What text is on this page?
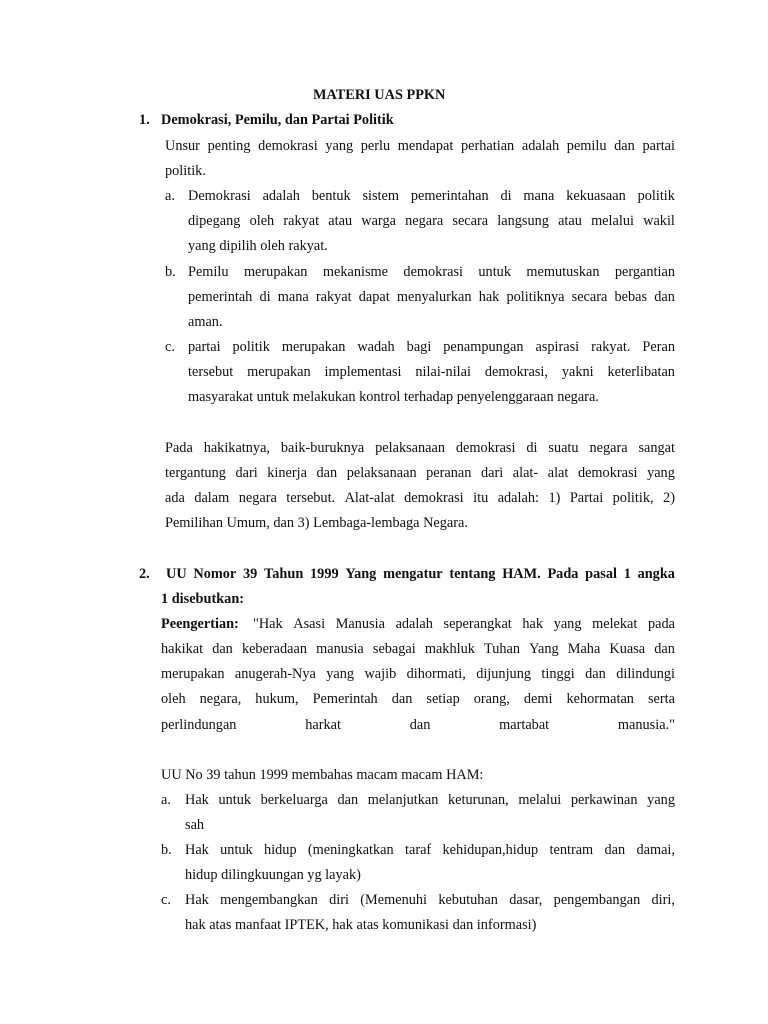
MATERI UAS PPKN
1. Demokrasi, Pemilu, dan Partai Politik
Unsur penting demokrasi yang perlu mendapat perhatian adalah pemilu dan partai
politik.
a. Demokrasi adalah bentuk sistem pemerintahan di mana kekuasaan politik
dipegang oleh rakyat atau warga negara secara langsung atau melalui wakil
yang dipilih oleh rakyat.
b. Pemilu merupakan mekanisme demokrasi untuk memutuskan pergantian
pemerintah di mana rakyat dapat menyalurkan hak politiknya secara bebas dan
aman.
c. partai politik merupakan wadah bagi penampungan aspirasi rakyat. Peran
tersebut merupakan implementasi nilai-nilai demokrasi, yakni keterlibatan
masyarakat untuk melakukan kontrol terhadap penyelenggaraan negara.
Pada hakikatnya, baik-buruknya pelaksanaan demokrasi di suatu negara sangat
tergantung dari kinerja dan pelaksanaan peranan dari alat- alat demokrasi yang
ada dalam negara tersebut. Alat-alat demokrasi itu adalah: 1) Partai politik, 2)
Pemilihan Umum, dan 3) Lembaga-lembaga Negara.
2. UU Nomor 39 Tahun 1999 Yang mengatur tentang HAM. Pada pasal 1 angka
1 disebutkan:
Peengertian: "Hak Asasi Manusia adalah seperangkat hak yang melekat pada
hakikat dan keberadaan manusia sebagai makhluk Tuhan Yang Maha Kuasa dan
merupakan anugerah-Nya yang wajib dihormati, dijunjung tinggi dan dilindungi
oleh negara, hukum, Pemerintah dan setiap orang, demi kehormatan serta
perlindungan	harkat	dan	martabat	manusia."
UU No 39 tahun 1999 membahas macam macam HAM:
a. Hak untuk berkeluarga dan melanjutkan keturunan, melalui perkawinan yang
sah
b. Hak untuk hidup (meningkatkan taraf kehidupan,hidup tentram dan damai,
hidup dilingkuungan yg layak)
c. Hak mengembangkan diri (Memenuhi kebutuhan dasar, pengembangan diri,
hak atas manfaat IPTEK, hak atas komunikasi dan informasi)
